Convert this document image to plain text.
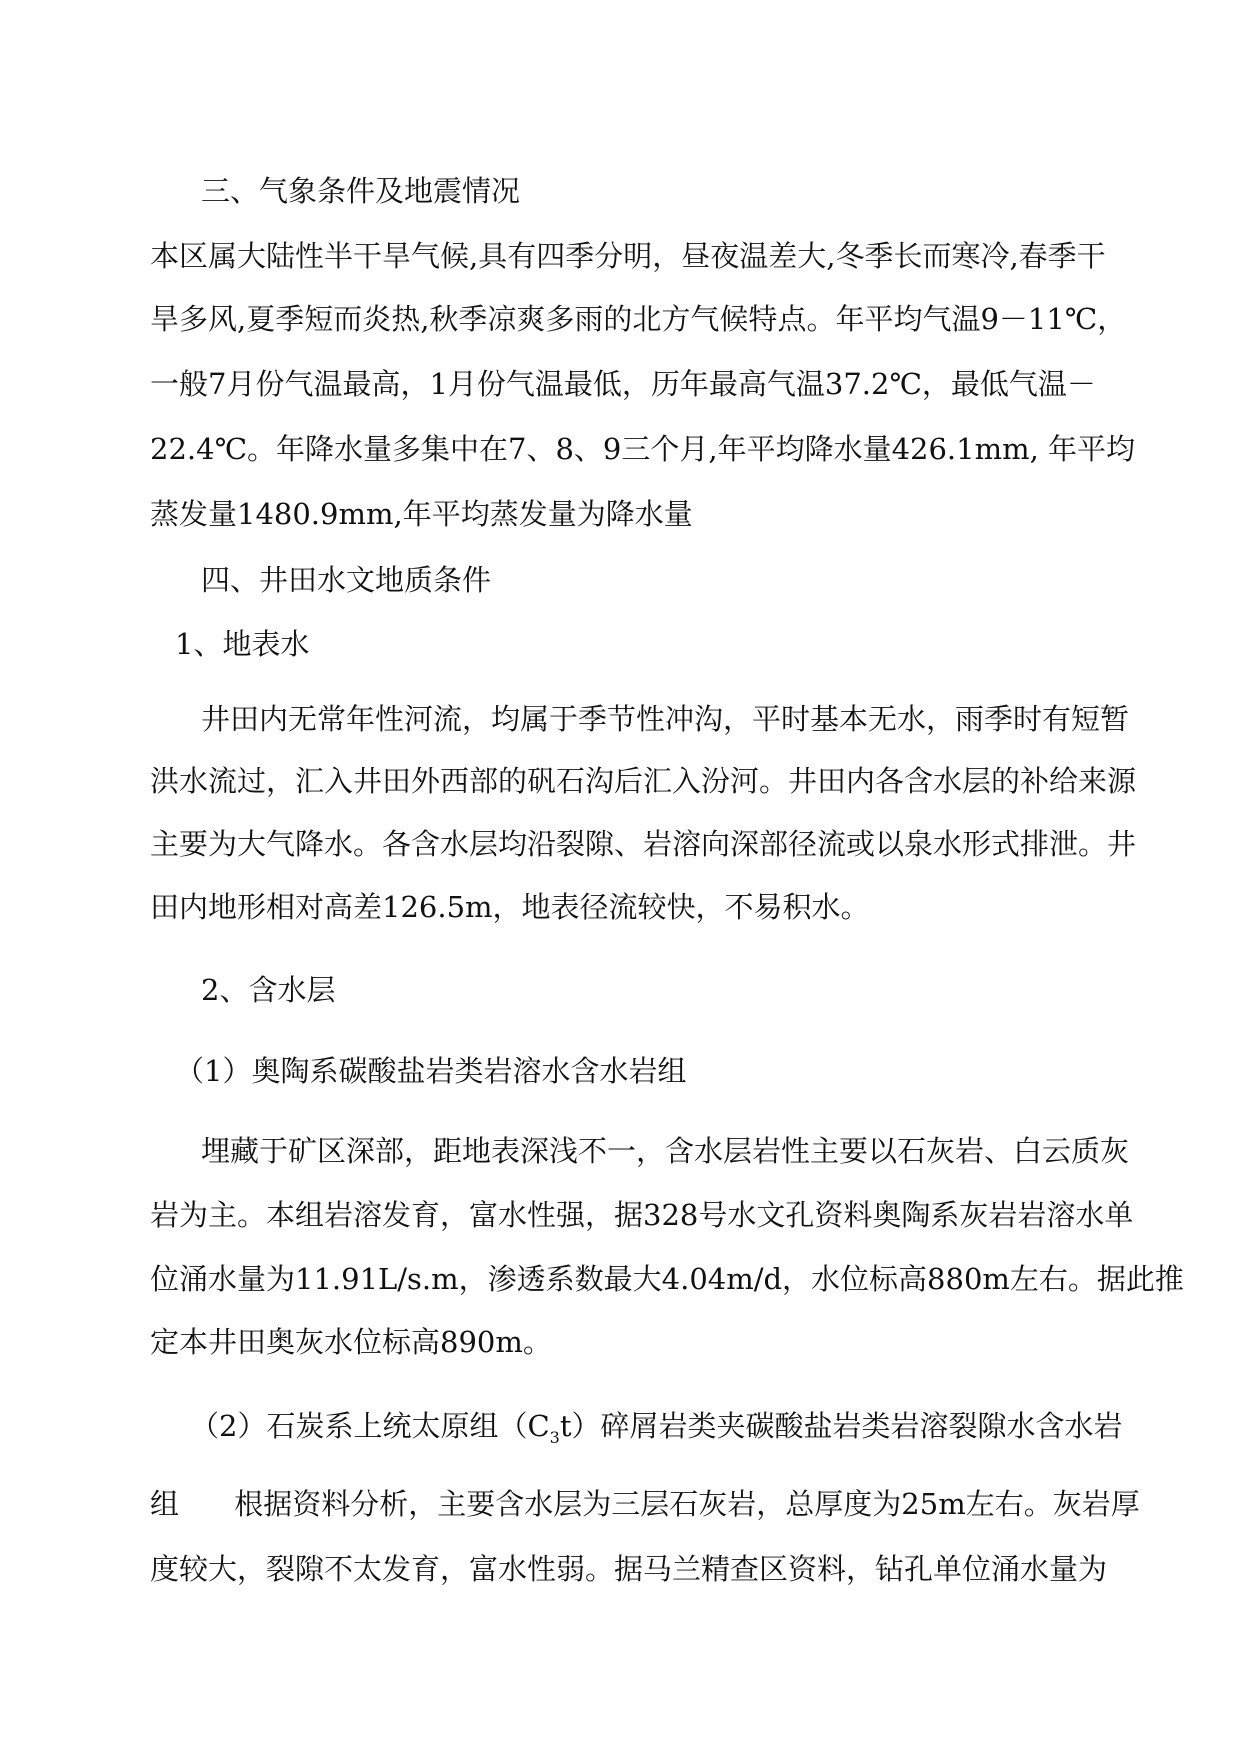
三、气象条件及地震情况
本区属大陆性半干旱气候,具有四季分明，昼夜温差大,冬季长而寒冷,春季干
旱多风,夏季短而炎热,秋季凉爽多雨的北方气候特点。年平均气温9－11℃，
一般7月份气温最高，1月份气温最低，历年最高气温37.2℃，最低气温－
22.4℃。年降水量多集中在7、8、9三个月,年平均降水量426.1mm, 年平均
蒸发量1480.9mm,年平均蒸发量为降水量
四、井田水文地质条件
1、地表水
井田内无常年性河流，均属于季节性冲沟，平时基本无水，雨季时有短暂
洪水流过，汇入井田外西部的矾石沟后汇入汾河。井田内各含水层的补给来源
主要为大气降水。各含水层均沿裂隙、岩溶向深部径流或以泉水形式排泄。井
田内地形相对高差126.5m，地表径流较快，不易积水。
2、含水层
（1）奥陶系碳酸盐岩类岩溶水含水岩组
埋藏于矿区深部，距地表深浅不一，含水层岩性主要以石灰岩、白云质灰
岩为主。本组岩溶发育，富水性强，据328号水文孔资料奥陶系灰岩岩溶水单
位涌水量为11.91L/s.m，渗透系数最大4.04m/d，水位标高880m左右。据此推
定本井田奥灰水位标高890m。
（2）石炭系上统太原组$(C_3t)$碎屑岩类夹碳酸盐岩类岩溶裂隙水含水岩
组      根据资料分析，主要含水层为三层石灰岩，总厚度为25m左右。灰岩厚
度较大，裂隙不太发育，富水性弱。据马兰精查区资料，钻孔单位涌水量为
